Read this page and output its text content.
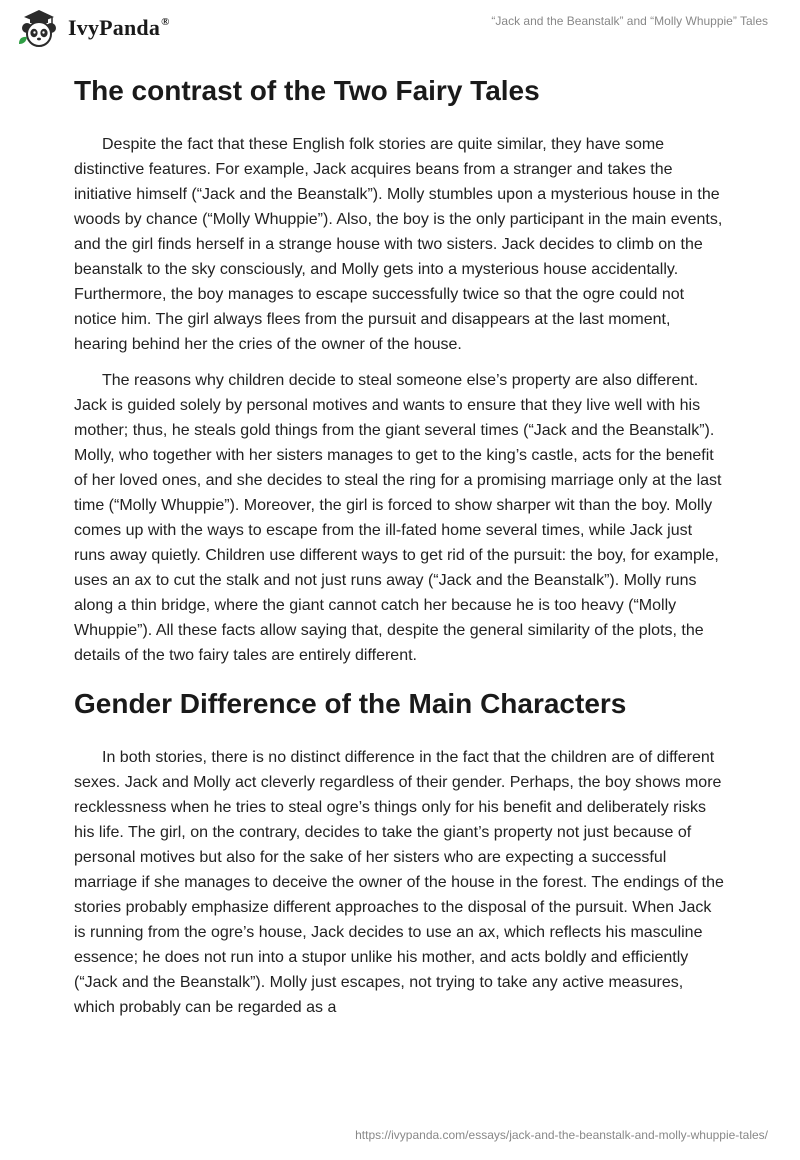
IvyPanda®	“Jack and the Beanstalk” and “Molly Whuppie” Tales
The contrast of the Two Fairy Tales

Despite the fact that these English folk stories are quite similar, they have some distinctive features. For example, Jack acquires beans from a stranger and takes the initiative himself (“Jack and the Beanstalk”). Molly stumbles upon a mysterious house in the woods by chance (“Molly Whuppie”). Also, the boy is the only participant in the main events, and the girl finds herself in a strange house with two sisters. Jack decides to climb on the beanstalk to the sky consciously, and Molly gets into a mysterious house accidentally. Furthermore, the boy manages to escape successfully twice so that the ogre could not notice him. The girl always flees from the pursuit and disappears at the last moment, hearing behind her the cries of the owner of the house.

The reasons why children decide to steal someone else’s property are also different. Jack is guided solely by personal motives and wants to ensure that they live well with his mother; thus, he steals gold things from the giant several times (“Jack and the Beanstalk”). Molly, who together with her sisters manages to get to the king’s castle, acts for the benefit of her loved ones, and she decides to steal the ring for a promising marriage only at the last time (“Molly Whuppie”). Moreover, the girl is forced to show sharper wit than the boy. Molly comes up with the ways to escape from the ill-fated home several times, while Jack just runs away quietly. Children use different ways to get rid of the pursuit: the boy, for example, uses an ax to cut the stalk and not just runs away (“Jack and the Beanstalk”). Molly runs along a thin bridge, where the giant cannot catch her because he is too heavy (“Molly Whuppie”). All these facts allow saying that, despite the general similarity of the plots, the details of the two fairy tales are entirely different.

Gender Difference of the Main Characters

In both stories, there is no distinct difference in the fact that the children are of different sexes. Jack and Molly act cleverly regardless of their gender. Perhaps, the boy shows more recklessness when he tries to steal ogre’s things only for his benefit and deliberately risks his life. The girl, on the contrary, decides to take the giant’s property not just because of personal motives but also for the sake of her sisters who are expecting a successful marriage if she manages to deceive the owner of the house in the forest. The endings of the stories probably emphasize different approaches to the disposal of the pursuit. When Jack is running from the ogre’s house, Jack decides to use an ax, which reflects his masculine essence; he does not run into a stupor unlike his mother, and acts boldly and efficiently (“Jack and the Beanstalk”). Molly just escapes, not trying to take any active measures, which probably can be regarded as a

https://ivypanda.com/essays/jack-and-the-beanstalk-and-molly-whuppie-tales/
